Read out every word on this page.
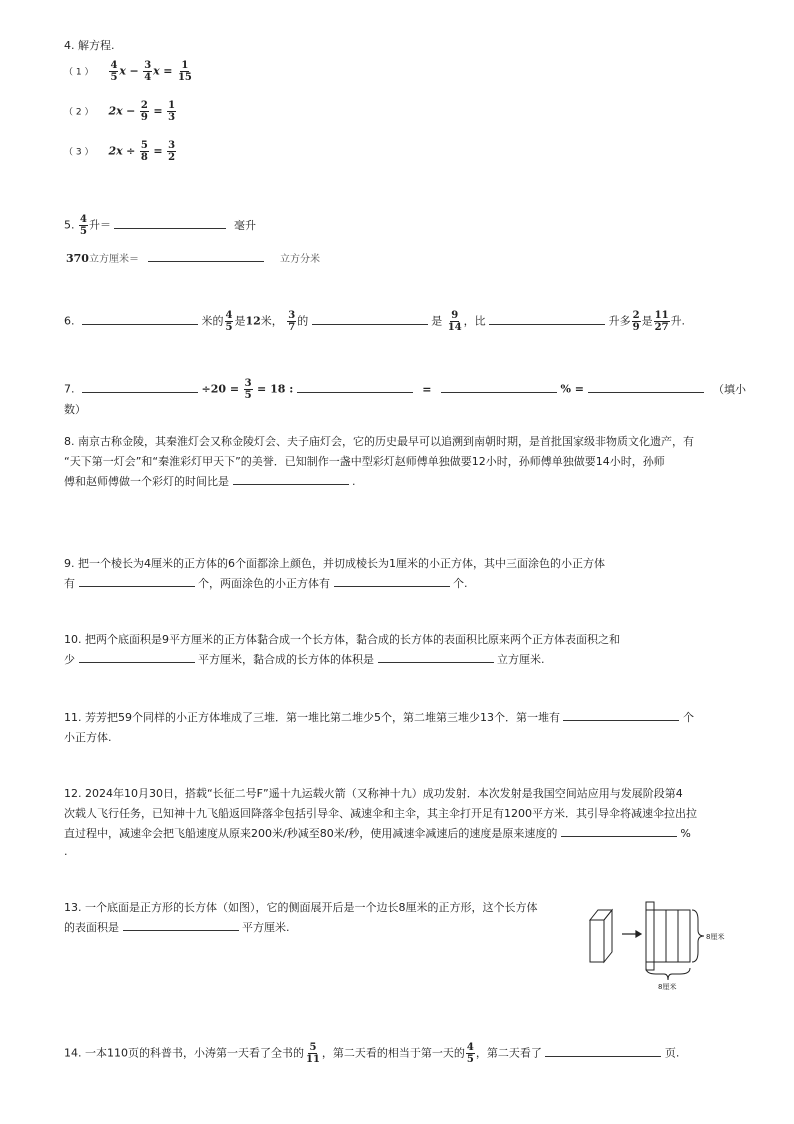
4. 解方程.
（ 1 ） $\frac{4}{5}$ $x - \frac{3}{4}$ $x = \frac{1}{15}$
（ 2 ） $2x - \frac{2}{9} = \frac{1}{3}$
（ 3 ） $2x \div \frac{5}{8} = \frac{3}{2}$
5. $\frac{4}{5}$ 升＝	毫升
370立方厘米＝	立方分米
6.	米的 $\frac{4}{5}$ 是12米， $\frac{3}{7}$ 的	是 $\frac{9}{14}$ ，比	升多 $\frac{2}{9}$ 是 $\frac{11}{27}$ 升.
7.	$\div 20 = \frac{3}{5} = 18$ :	=	% =	（填小
数）
8. 南京古称金陵，其秦淮灯会又称金陵灯会、夫子庙灯会，它的历史最早可以追溯到南朝时期，是首批国家级非物质文化遗产，有
“天下第一灯会”和“秦淮彩灯甲天下”的美誉．已知制作一盏中型彩灯赵师傅单独做要12小时，孙师傅单独做要14小时，孙师
傅和赵师傅做一个彩灯的时间比是	.
9. 把一个棱长为4厘米的正方体的6个面都涂上颜色，并切成棱长为1厘米的小正方体，其中三面涂色的小正方体
有	个，两面涂色的小正方体有	个.
10. 把两个底面积是9平方厘米的正方体黏合成一个长方体，黏合成的长方体的表面积比原来两个正方体表面积之和
少	平方厘米，黏合成的长方体的体积是	立方厘米.
11. 芳芳把59个同样的小正方体堆成了三堆．第一堆比第二堆少5个，第二堆第三堆少13个．第一堆有	个
小正方体.
12. 2024年10月30日，搭载“长征二号F”遥十九运载火箭（又称神十九）成功发射．本次发射是我国空间站应用与发展阶段第4
次载人飞行任务，已知神十九飞船返回降落伞包括引导伞、减速伞和主伞，其主伞打开足有1200平方米．其引导伞将减速伞拉出拉
直过程中，减速伞会把飞船速度从原来200米/秒减至80米/秒，使用减速伞减速后的速度是原来速度的	%
.
13. 一个底面是正方形的长方体（如图），它的侧面展开后是一个边长8厘米的正方形，这个长方体
的表面积是	平方厘米.
8厘米
8厘米
14. 一本110页的科普书，小涛第一天看了全书的 $\frac{5}{11}$ ，第二天看的相当于第一天的 $\frac{4}{5}$ ，第二天看了	页.
